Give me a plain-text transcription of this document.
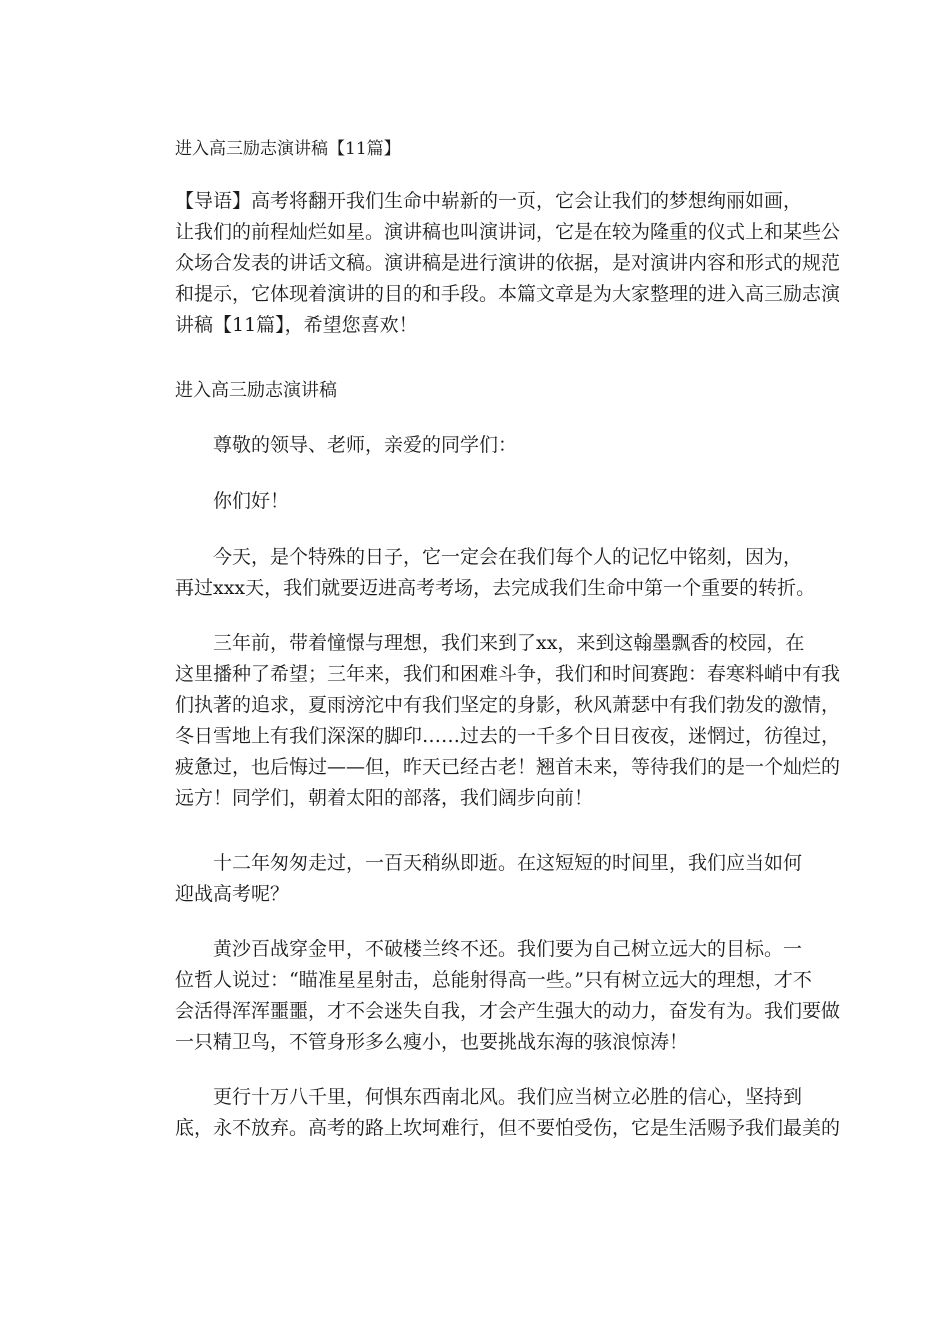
进入高三励志演讲稿【11篇】
【导语】高考将翻开我们生命中崭新的一页，它会让我们的梦想绚丽如画，
让我们的前程灿烂如星。演讲稿也叫演讲词，它是在较为隆重的仪式上和某些公
众场合发表的讲话文稿。演讲稿是进行演讲的依据，是对演讲内容和形式的规范
和提示，它体现着演讲的目的和手段。本篇文章是为大家整理的进入高三励志演
讲稿【11篇】，希望您喜欢！
进入高三励志演讲稿
尊敬的领导、老师，亲爱的同学们：
你们好！
今天，是个特殊的日子，它一定会在我们每个人的记忆中铭刻，因为，
再过xxx天，我们就要迈进高考考场，去完成我们生命中第一个重要的转折。
三年前，带着憧憬与理想，我们来到了xx，来到这翰墨飘香的校园，在
这里播种了希望；三年来，我们和困难斗争，我们和时间赛跑：春寒料峭中有我
们执著的追求，夏雨滂沱中有我们坚定的身影，秋风萧瑟中有我们勃发的激情，
冬日雪地上有我们深深的脚印……过去的一千多个日日夜夜，迷惘过，彷徨过，
疲惫过，也后悔过——但，昨天已经古老！翘首未来，等待我们的是一个灿烂的
远方！同学们，朝着太阳的部落，我们阔步向前！
十二年匆匆走过，一百天稍纵即逝。在这短短的时间里，我们应当如何
迎战高考呢？
黄沙百战穿金甲，不破楼兰终不还。我们要为自己树立远大的目标。一
位哲人说过：“瞄准星星射击，总能射得高一些。”只有树立远大的理想，才不
会活得浑浑噩噩，才不会迷失自我，才会产生强大的动力，奋发有为。我们要做
一只精卫鸟，不管身形多么瘦小，也要挑战东海的骇浪惊涛！
更行十万八千里，何惧东西南北风。我们应当树立必胜的信心，坚持到
底，永不放弃。高考的路上坎坷难行，但不要怕受伤，它是生活赐予我们最美的
